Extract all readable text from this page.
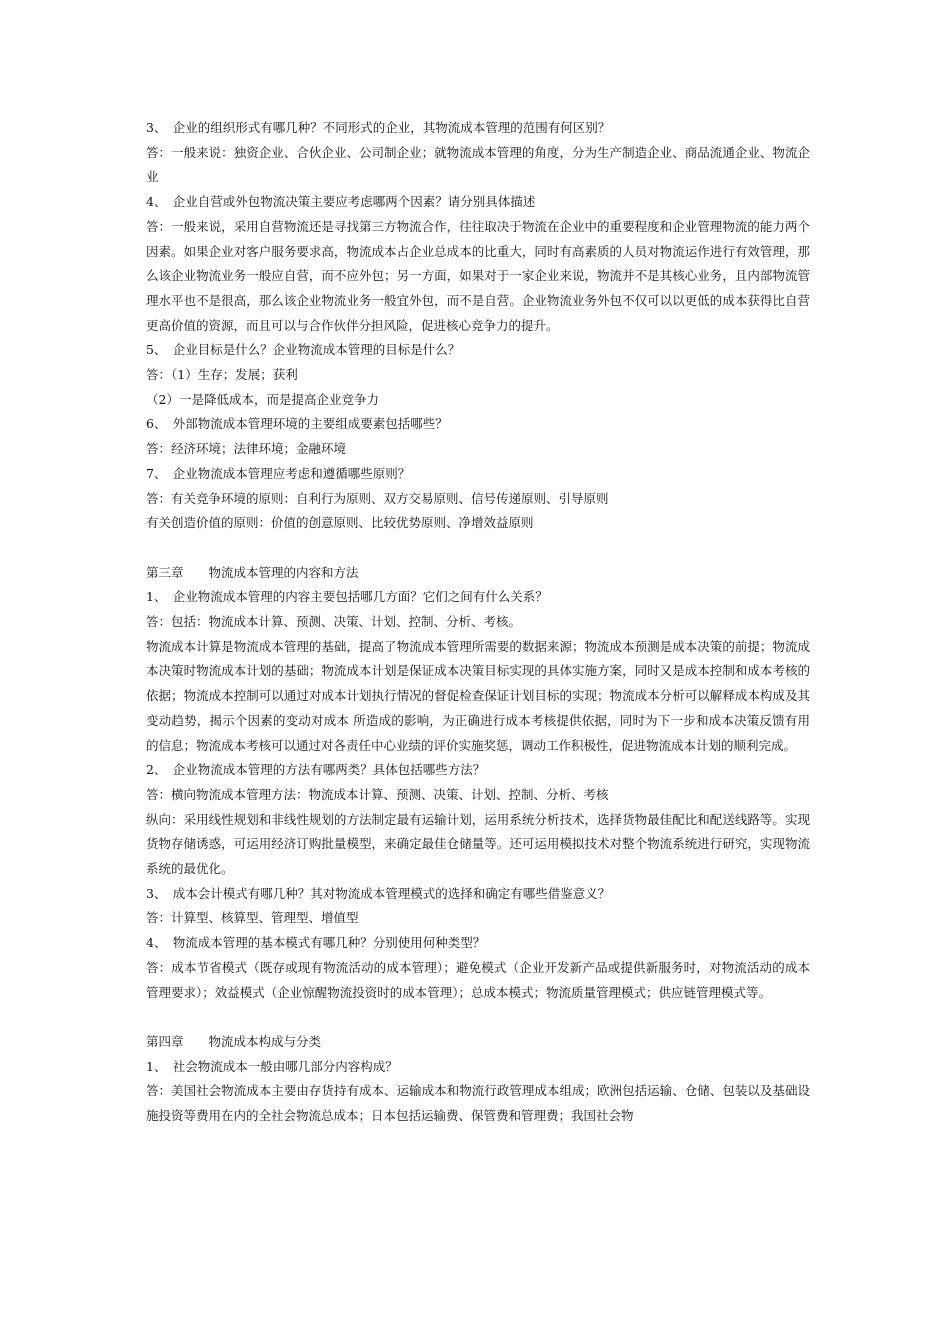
3、　企业的组织形式有哪几种？不同形式的企业，其物流成本管理的范围有何区别？
答：一般来说：独资企业、合伙企业、公司制企业；就物流成本管理的角度，分为生产制造企业、商品流通企业、物流企业
4、　企业自营或外包物流决策主要应考虑哪两个因素？请分别具体描述
答：一般来说，采用自营物流还是寻找第三方物流合作，往往取决于物流在企业中的重要程度和企业管理物流的能力两个因素。如果企业对客户服务要求高，物流成本占企业总成本的比重大，同时有高素质的人员对物流运作进行有效管理，那么该企业物流业务一般应自营，而不应外包；另一方面，如果对于一家企业来说，物流并不是其核心业务，且内部物流管理水平也不是很高，那么该企业物流业务一般宜外包，而不是自营。企业物流业务外包不仅可以以更低的成本获得比自营更高价值的资源，而且可以与合作伙伴分担风险，促进核心竞争力的提升。
5、　企业目标是什么？企业物流成本管理的目标是什么？
答：（1）生存；发展；获利
（2）一是降低成本，而是提高企业竞争力
6、　外部物流成本管理环境的主要组成要素包括哪些？
答：经济环境；法律环境；金融环境
7、　企业物流成本管理应考虑和遵循哪些原则？
答：有关竞争环境的原则：自利行为原则、双方交易原则、信号传递原则、引导原则
有关创造价值的原则：价值的创意原则、比较优势原则、净增效益原则
第三章　　物流成本管理的内容和方法
1、　企业物流成本管理的内容主要包括哪几方面？它们之间有什么关系？
答：包括：物流成本计算、预测、决策、计划、控制、分析、考核。
物流成本计算是物流成本管理的基础，提高了物流成本管理所需要的数据来源；物流成本预测是成本决策的前提；物流成本决策时物流成本计划的基础；物流成本计划是保证成本决策目标实现的具体实施方案，同时又是成本控制和成本考核的依据；物流成本控制可以通过对成本计划执行情况的督促检查保证计划目标的实现；物流成本分析可以解释成本构成及其变动趋势，揭示个因素的变动对成本 所造成的影响，为正确进行成本考核提供依据，同时为下一步和成本决策反馈有用的信息；物流成本考核可以通过对各责任中心业绩的评价实施奖惩，调动工作积极性，促进物流成本计划的顺利完成。
2、　企业物流成本管理的方法有哪两类？具体包括哪些方法？
答：横向物流成本管理方法：物流成本计算、预测、决策、计划、控制、分析、考核
纵向：采用线性规划和非线性规划的方法制定最有运输计划，运用系统分析技术，选择货物最佳配比和配送线路等。实现货物存储诱惑，可运用经济订购批量模型，来确定最佳仓储量等。还可运用模拟技术对整个物流系统进行研究，实现物流系统的最优化。
3、　成本会计模式有哪几种？其对物流成本管理模式的选择和确定有哪些借鉴意义？
答：计算型、核算型、管理型、增值型
4、　物流成本管理的基本模式有哪几种？分别使用何种类型？
答：成本节省模式（既存或现有物流活动的成本管理）；避免模式（企业开发新产品或提供新服务时，对物流活动的成本管理要求）；效益模式（企业惊醒物流投资时的成本管理）；总成本模式；物流质量管理模式；供应链管理模式等。
第四章　　物流成本构成与分类
1、　社会物流成本一般由哪几部分内容构成？
答：美国社会物流成本主要由存货持有成本、运输成本和物流行政管理成本组成；欧洲包括运输、仓储、包装以及基础设施投资等费用在内的全社会物流总成本；日本包括运输费、保管费和管理费；我国社会物
